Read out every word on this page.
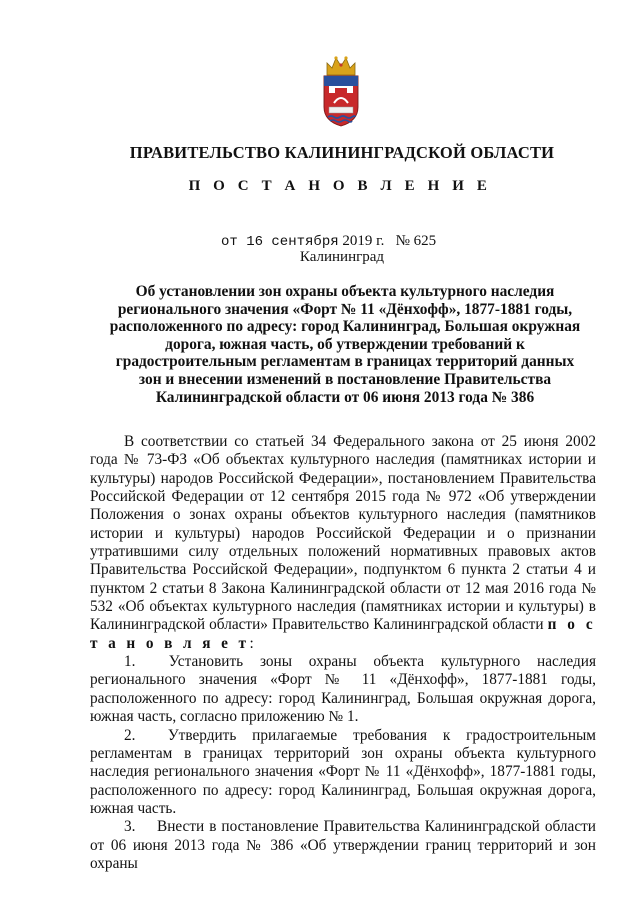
ПРАВИТЕЛЬСТВО КАЛИНИНГРАДСКОЙ ОБЛАСТИ
П О С Т А Н О В Л Е Н И Е
от 16 сентября 2019 г. № 625
Калининград
Об установлении зон охраны объекта культурного наследия регионального значения «Форт № 11 «Дёнхофф», 1877-1881 годы, расположенного по адресу: город Калининград, Большая окружная дорога, южная часть, об утверждении требований к градостроительным регламентам в границах территорий данных зон и внесении изменений в постановление Правительства Калининградской области от 06 июня 2013 года № 386

В соответствии со статьей 34 Федерального закона от 25 июня 2002 года № 73-ФЗ «Об объектах культурного наследия (памятниках истории и культуры) народов Российской Федерации», постановлением Правительства Российской Федерации от 12 сентября 2015 года № 972 «Об утверждении Положения о зонах охраны объектов культурного наследия (памятников истории и культуры) народов Российской Федерации и о признании утратившими силу отдельных положений нормативных правовых актов Правительства Российской Федерации», подпунктом 6 пункта 2 статьи 4 и пунктом 2 статьи 8 Закона Калининградской области от 12 мая 2016 года № 532 «Об объектах культурного наследия (памятниках истории и культуры) в Калининградской области» Правительство Калининградской области п о с т а н о в л я е т:

1. Установить зоны охраны объекта культурного наследия регионального значения «Форт № 11 «Дёнхофф», 1877-1881 годы, расположенного по адресу: город Калининград, Большая окружная дорога, южная часть, согласно приложению № 1.

2. Утвердить прилагаемые требования к градостроительным регламентам в границах территорий зон охраны объекта культурного наследия регионального значения «Форт № 11 «Дёнхофф», 1877-1881 годы, расположенного по адресу: город Калининград, Большая окружная дорога, южная часть.

3. Внести в постановление Правительства Калининградской области от 06 июня 2013 года № 386 «Об утверждении границ территорий и зон охраны
